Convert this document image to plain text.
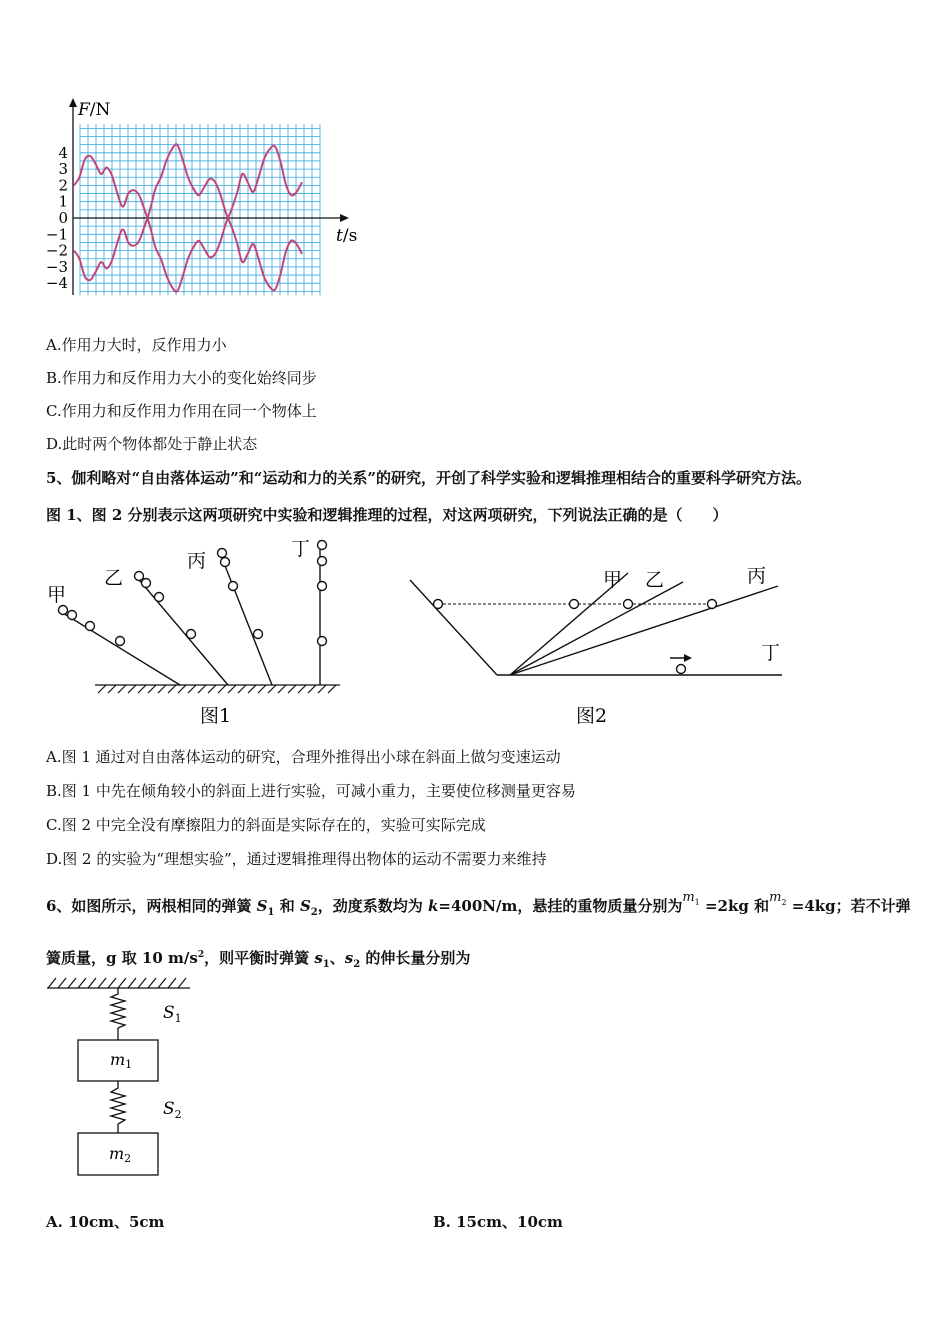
F/N
t/s
4
3
2
1
0
−1
−2
−3
−4
A.作用力大时，反作用力小
B.作用力和反作用力大小的变化始终同步
C.作用力和反作用力作用在同一个物体上
D.此时两个物体都处于静止状态
5、伽利略对“自由落体运动”和“运动和力的关系”的研究，开创了科学实验和逻辑推理相结合的重要科学研究方法。
图 1、图 2 分别表示这两项研究中实验和逻辑推理的过程，对这两项研究，下列说法正确的是（　　）
甲
乙
丙
丁
图1
甲 乙	丙
丁
图2
A.图 1 通过对自由落体运动的研究，合理外推得出小球在斜面上做匀变速运动
B.图 1 中先在倾角较小的斜面上进行实验，可减小重力，主要使位移测量更容易
C.图 2 中完全没有摩擦阻力的斜面是实际存在的，实验可实际完成
D.图 2 的实验为“理想实验”，通过逻辑推理得出物体的运动不需要力来维持
6、如图所示，两根相同的弹簧 $S_1$ 和 $S_2$，劲度系数均为 k=400N/m，悬挂的重物质量分别为$m^1 =2kg$ 和$m^2 =4kg$；若不计弹
簧质量，g 取 10 $m/s^2$，则平衡时弹簧 $s_1$、$s_2$ 的伸长量分别为
$S_1$
$S_2$
m1
m2
A. 10cm、5cm	B. 15cm、10cm
